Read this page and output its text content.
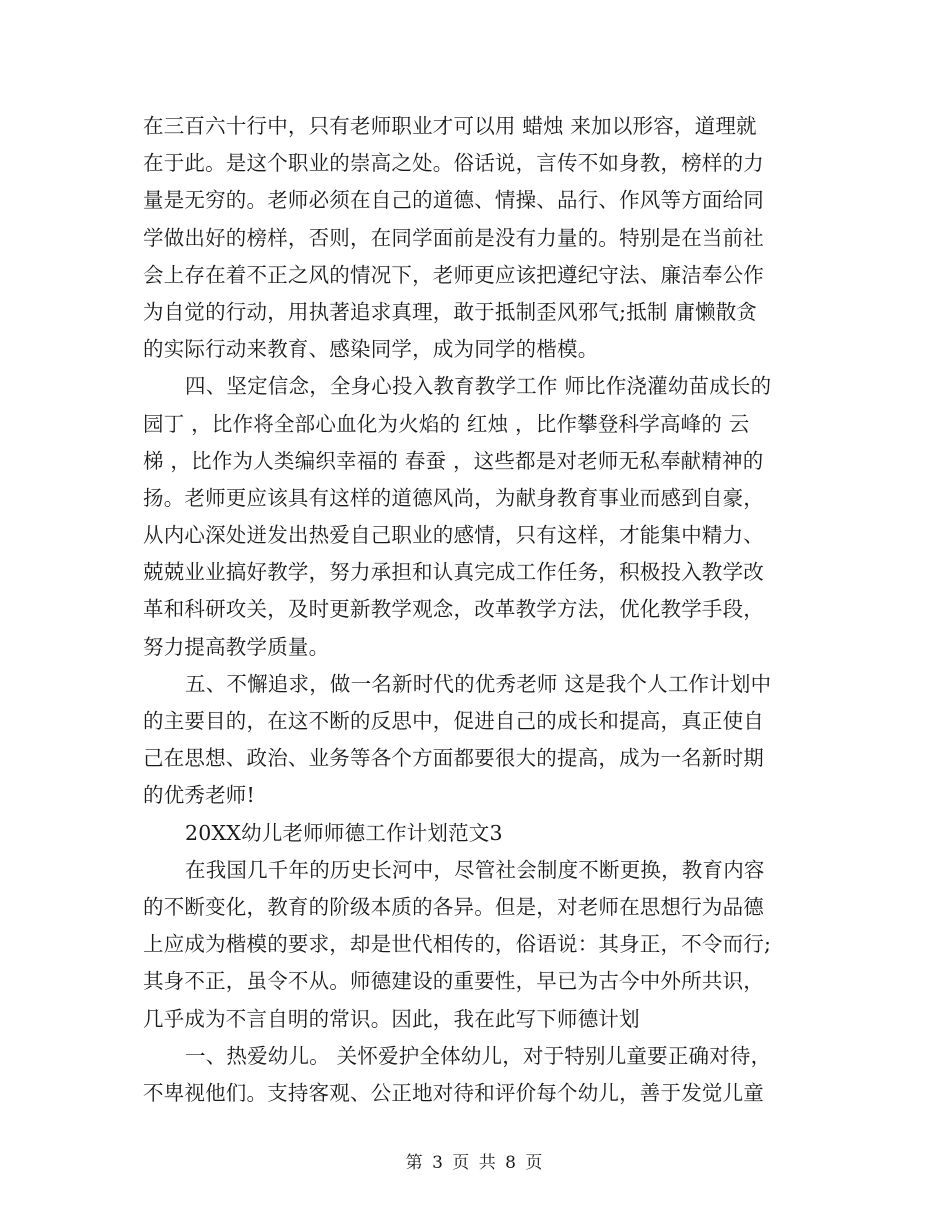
在三百六十行中，只有老师职业才可以用 蜡烛 来加以形容，道理就
在于此。是这个职业的崇高之处。俗话说，言传不如身教，榜样的力
量是无穷的。老师必须在自己的道德、情操、品行、作风等方面给同
学做出好的榜样，否则，在同学面前是没有力量的。特别是在当前社
会上存在着不正之风的情况下，老师更应该把遵纪守法、廉洁奉公作
为自觉的行动，用执著追求真理，敢于抵制歪风邪气;抵制 庸懒散贪
的实际行动来教育、感染同学，成为同学的楷模。
四、坚定信念，全身心投入教育教学工作 师比作浇灌幼苗成长的
园丁 ，比作将全部心血化为火焰的 红烛 ，比作攀登科学高峰的 云
梯 ，比作为人类编织幸福的 春蚕 ，这些都是对老师无私奉献精神的
扬。老师更应该具有这样的道德风尚，为献身教育事业而感到自豪，
从内心深处迸发出热爱自己职业的感情，只有这样，才能集中精力、
兢兢业业搞好教学，努力承担和认真完成工作任务，积极投入教学改
革和科研攻关，及时更新教学观念，改革教学方法，优化教学手段，
努力提高教学质量。
五、不懈追求，做一名新时代的优秀老师 这是我个人工作计划中
的主要目的，在这不断的反思中，促进自己的成长和提高，真正使自
己在思想、政治、业务等各个方面都要很大的提高，成为一名新时期
的优秀老师!
20XX幼儿老师师德工作计划范文3
在我国几千年的历史长河中，尽管社会制度不断更换，教育内容
的不断变化，教育的阶级本质的各异。但是，对老师在思想行为品德
上应成为楷模的要求，却是世代相传的，俗语说：其身正，不令而行;
其身不正，虽令不从。师德建设的重要性，早已为古今中外所共识，
几乎成为不言自明的常识。因此，我在此写下师德计划
一、热爱幼儿。 关怀爱护全体幼儿，对于特别儿童要正确对待，
不卑视他们。支持客观、公正地对待和评价每个幼儿，善于发觉儿童
第 3 页 共 8 页
